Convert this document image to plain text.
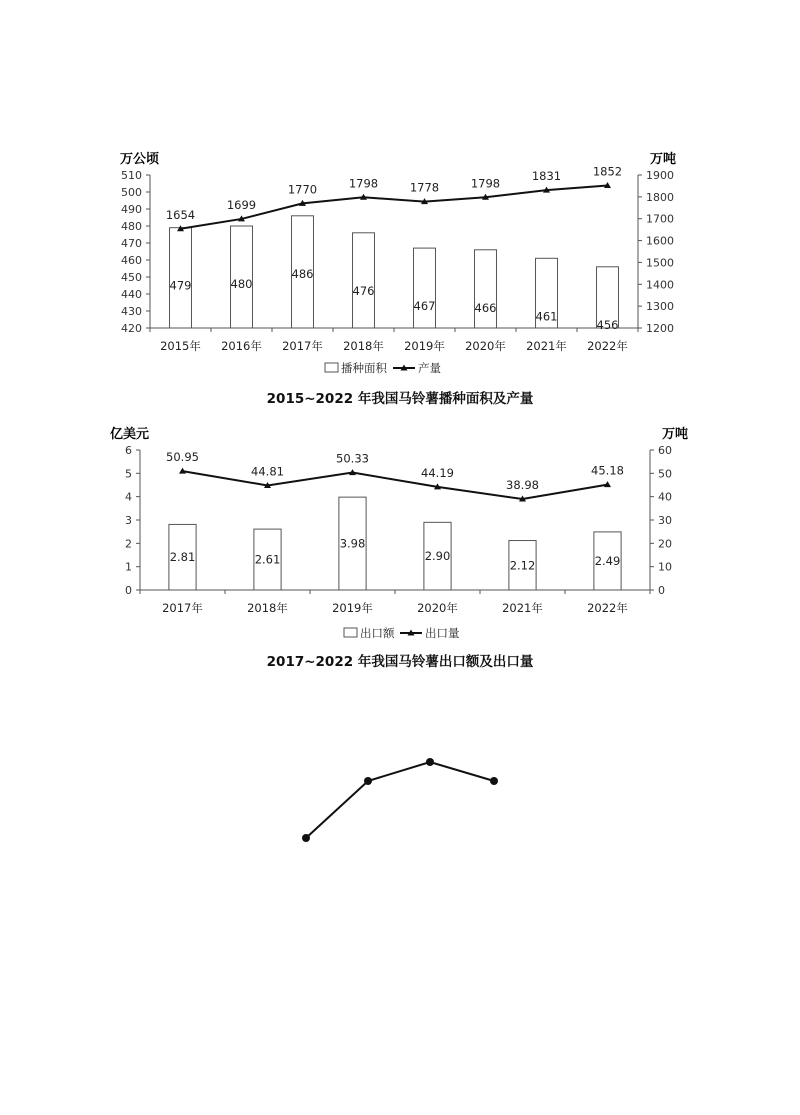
万公顷	万吨
420
430
440
450
460
470
480
490
500
510
1200
1300
1400
1500
1600
1700
1800
1900
479	480
486
476
467	466
461
456
2015年 2016年 2017年 2018年 2019年 2020年 2021年 2022年
1654
1699
1770	1798	1778	1798
1831	1852
播种面积	产量
2015~2022 年我国马铃薯播种面积及产量
亿美元	万吨
0
1
2
3
4
5
6
0
10
20
30
40
50
60
2.81	2.61
3.98
2.90
2.12	2.49
2017年	2018年	2019年	2020年	2021年	2022年
50.95
44.81
50.33
44.19
38.98
45.18
出口额	出口量
2017~2022 年我国马铃薯出口额及出口量
